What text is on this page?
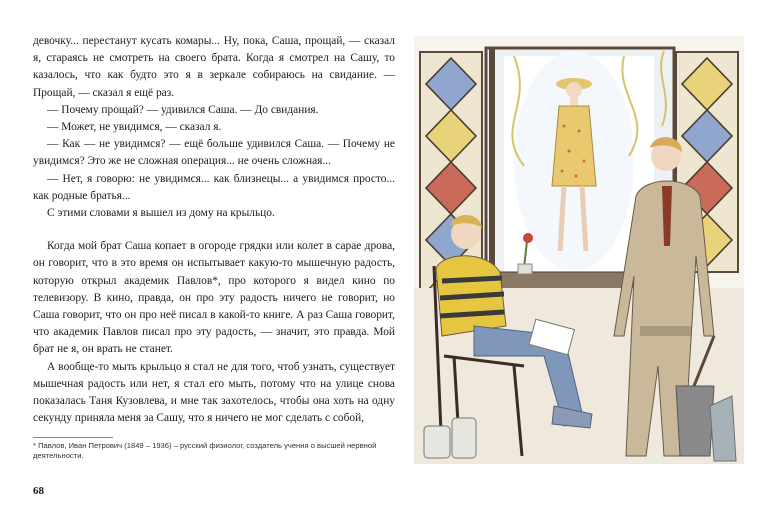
девочку... перестанут кусать комары... Ну, пока, Саша, прощай, — сказал я, стараясь не смотреть на своего брата. Когда я смотрел на Сашу, то казалось, что как будто это я в зеркале собираюсь на свидание. — Прощай, — сказал я ещё раз.

— Почему прощай? — удивился Саша. — До свидания.

— Может, не увидимся, — сказал я.

— Как — не увидимся? — ещё больше удивился Саша. — Почему не увидимся? Это же не сложная операция... не очень сложная...

— Нет, я говорю: не увидимся... как близнецы... а увидимся просто... как родные братья...

С этими словами я вышел из дому на крыльцо.

Когда мой брат Саша копает в огороде грядки или колет в сарае дрова, он говорит, что в это время он испытывает какую-то мышечную радость, которую открыл академик Павлов*, про которого я видел кино по телевизору. В кино, правда, он про эту радость ничего не говорит, но Саша говорит, что он про неё писал в какой-то книге. А раз Саша говорит, что академик Павлов писал про эту радость, — значит, это правда. Мой брат не я, он врать не станет.

А вообще-то мыть крыльцо я стал не для того, чтоб узнать, существует мышечная радость или нет, я стал его мыть, потому что на улице снова показалась Таня Кузовлева, и мне так захотелось, чтобы она хоть на одну секунду приняла меня за Сашу, что я ничего не мог сделать с собой,

* Павлов, Иван Петрович (1849 – 1936) – русский физиолог, создатель учения о высшей нервной деятельности.
68
